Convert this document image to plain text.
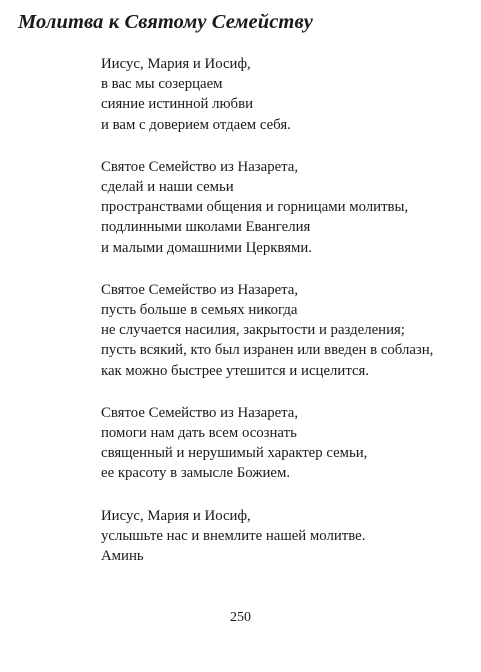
Молитва к Святому Семейству
Иисус, Мария и Иосиф,
в вас мы созерцаем
сияние истинной любви
и вам с доверием отдаем себя.
Святое Семейство из Назарета,
сделай и наши семьи
пространствами общения и горницами молитвы,
подлинными школами Евангелия
и малыми домашними Церквями.
Святое Семейство из Назарета,
пусть больше в семьях никогда
не случается насилия, закрытости и разделения;
пусть всякий, кто был изранен или введен в соблазн,
как можно быстрее утешится и исцелится.
Святое Семейство из Назарета,
помоги нам дать всем осознать
священный и нерушимый характер семьи,
ее красоту в замысле Божием.
Иисус, Мария и Иосиф,
услышьте нас и внемлите нашей молитве.
Аминь
250
